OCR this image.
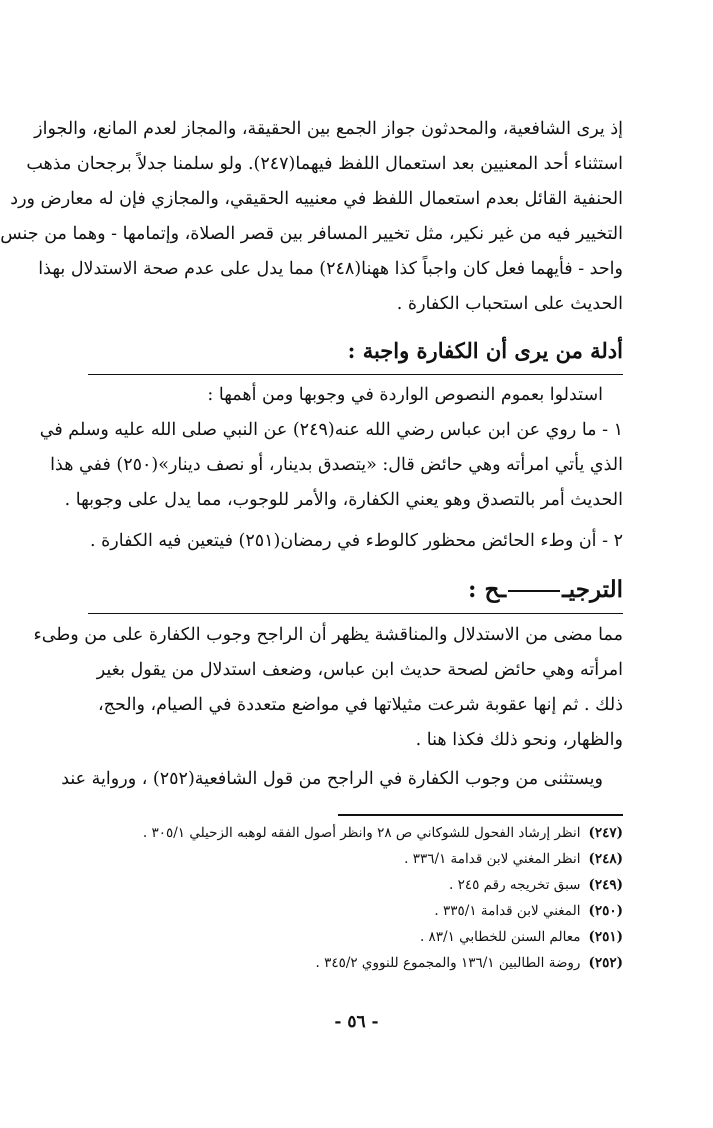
إذ يرى الشافعية، والمحدثون جواز الجمع بين الحقيقة، والمجاز لعدم المانع، والجواز
استثناء أحد المعنيين بعد استعمال اللفظ فيهما(٢٤٧). ولو سلمنا جدلاً برجحان مذهب
الحنفية القائل بعدم استعمال اللفظ في معنييه الحقيقي، والمجازي فإن له معارض ورد
التخيير فيه من غير نكير، مثل تخيير المسافر بين قصر الصلاة، وإتمامها - وهما من جنس
واحد - فأيهما فعل كان واجباً كذا ههنا(٢٤٨) مما يدل على عدم صحة الاستدلال بهذا
الحديث على استحباب الكفارة .
أدلة من يرى أن الكفارة واجبة :
استدلوا بعموم النصوص الواردة في وجوبها ومن أهمها :
١ - ما روي عن ابن عباس رضي الله عنه(٢٤٩) عن النبي صلى الله عليه وسلم في
الذي يأتي امرأته وهي حائض قال: «يتصدق بدينار، أو نصف دينار»(٢٥٠) ففي هذا
الحديث أمر بالتصدق وهو يعني الكفارة، والأمر للوجوب، مما يدل على وجوبها .
٢ - أن وطء الحائض محظور كالوطء في رمضان(٢٥١) فيتعين فيه الكفارة .
الترجيــح :
مما مضى من الاستدلال والمناقشة يظهر أن الراجح وجوب الكفارة على من وطىء
امرأته وهي حائض لصحة حديث ابن عباس، وضعف استدلال من يقول بغير
ذلك . ثم إنها عقوبة شرعت مثيلاتها في مواضع متعددة في الصيام، والحج،
والظهار، ونحو ذلك فكذا هنا .
ويستثنى من وجوب الكفارة في الراجح من قول الشافعية(٢٥٢) ، ورواية عند
(٢٤٧)انظر إرشاد الفحول للشوكاني ص ٢٨ وانظر أصول الفقه لوهبه الزحيلي ٣٠٥/١ .
(٢٤٨)انظر المغني لابن قدامة ٣٣٦/١ .
(٢٤٩)سبق تخريجه رقم ٢٤٥ .
(٢٥٠)المغني لابن قدامة ٣٣٥/١ .
(٢٥١)معالم السنن للخطابي ٨٣/١ .
(٢٥٢)روضة الطالبين ١٣٦/١ والمجموع للنووي ٣٤٥/٢ .
- ٥٦ -
